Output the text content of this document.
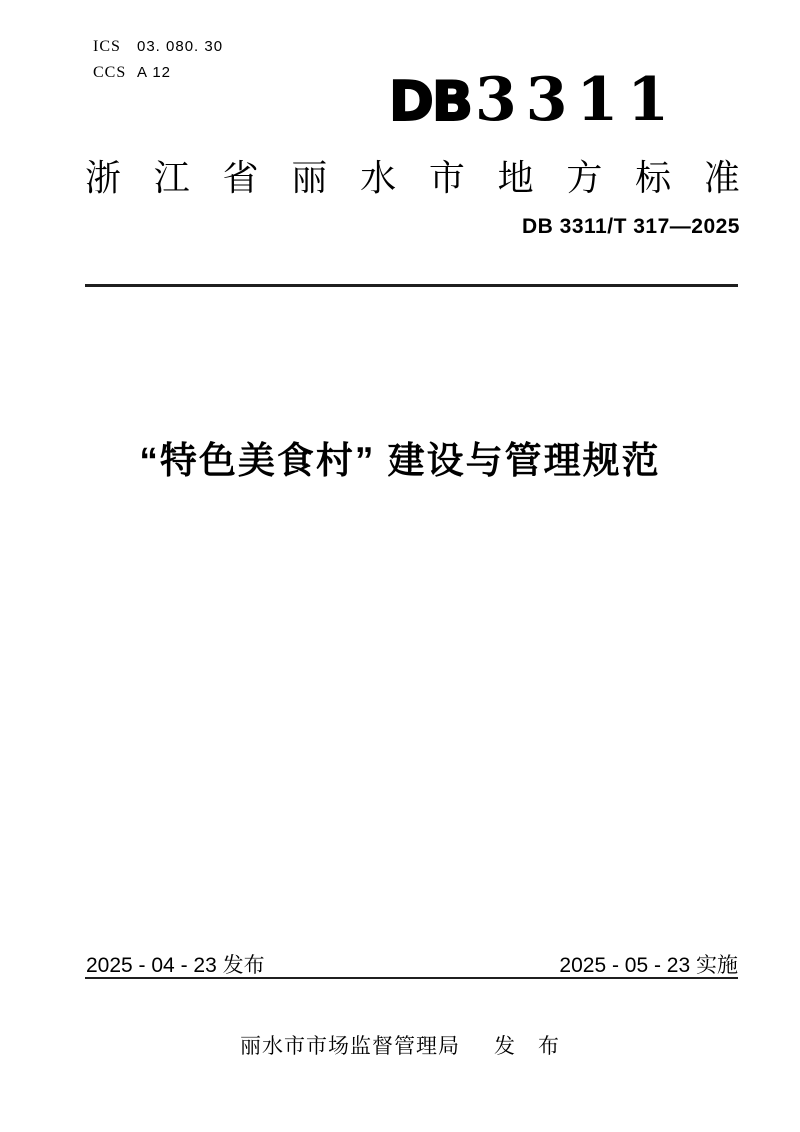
ICS 03. 080. 30
CCS A 12	DB 3311
浙 江 省 丽 水 市 地 方 标 准
DB 3311/T 317—2025
“特色美食村” 建设与管理规范
2025 - 04 - 23 发布	2025 - 05 - 23 实施
丽水市市场监督管理局 发　布
